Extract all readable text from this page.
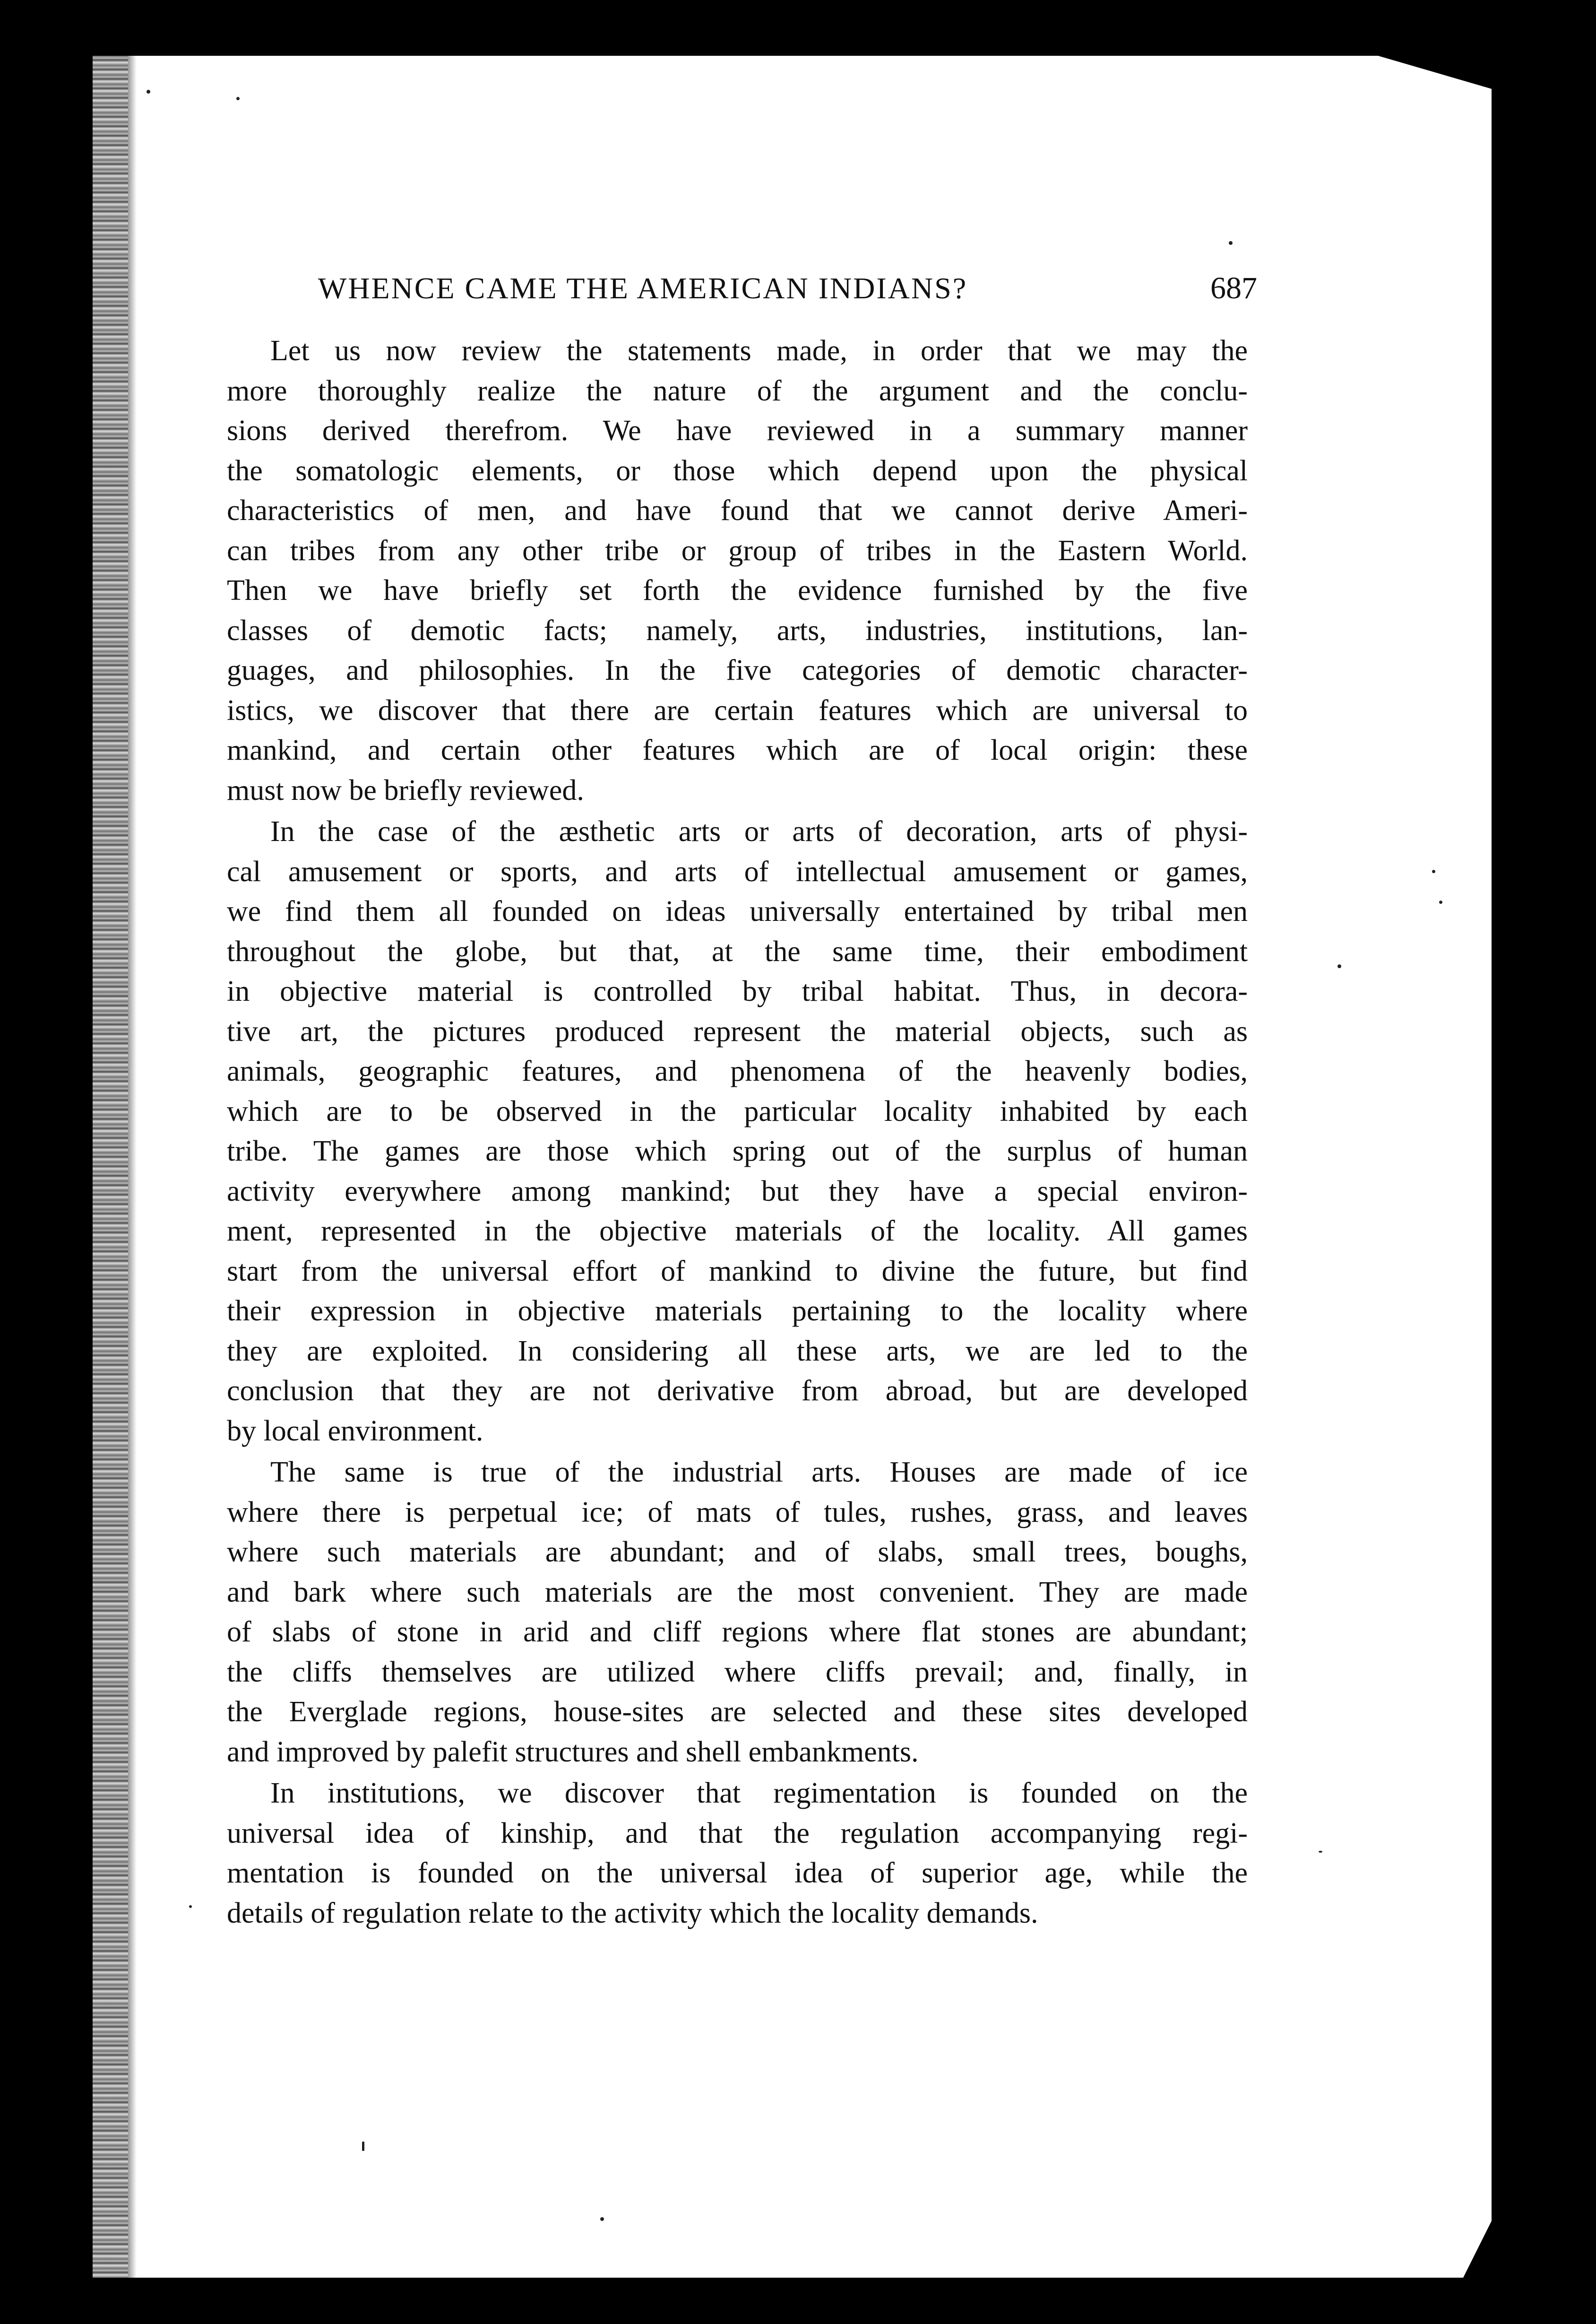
WHENCE CAME THE AMERICAN INDIANS?	687
Let us now review the statements made, in order that we may the
more thoroughly realize the nature of the argument and the conclu-
sions derived therefrom. We have reviewed in a summary manner
the somatologic elements, or those which depend upon the physical
characteristics of men, and have found that we cannot derive Ameri-
can tribes from any other tribe or group of tribes in the Eastern World.
Then we have briefly set forth the evidence furnished by the five
classes of demotic facts; namely, arts, industries, institutions, lan-
guages, and philosophies. In the five categories of demotic character-
istics, we discover that there are certain features which are universal to
mankind, and certain other features which are of local origin: these
must now be briefly reviewed.
In the case of the æsthetic arts or arts of decoration, arts of physi-
cal amusement or sports, and arts of intellectual amusement or games,
we find them all founded on ideas universally entertained by tribal men
throughout the globe, but that, at the same time, their embodiment
in objective material is controlled by tribal habitat. Thus, in decora-
tive art, the pictures produced represent the material objects, such as
animals, geographic features, and phenomena of the heavenly bodies,
which are to be observed in the particular locality inhabited by each
tribe. The games are those which spring out of the surplus of human
activity everywhere among mankind; but they have a special environ-
ment, represented in the objective materials of the locality. All games
start from the universal effort of mankind to divine the future, but find
their expression in objective materials pertaining to the locality where
they are exploited. In considering all these arts, we are led to the
conclusion that they are not derivative from abroad, but are developed
by local environment.
The same is true of the industrial arts. Houses are made of ice
where there is perpetual ice; of mats of tules, rushes, grass, and leaves
where such materials are abundant; and of slabs, small trees, boughs,
and bark where such materials are the most convenient. They are made
of slabs of stone in arid and cliff regions where flat stones are abundant;
the cliffs themselves are utilized where cliffs prevail; and, finally, in
the Everglade regions, house-sites are selected and these sites developed
and improved by palefit structures and shell embankments.
In institutions, we discover that regimentation is founded on the
universal idea of kinship, and that the regulation accompanying regi-
mentation is founded on the universal idea of superior age, while the
details of regulation relate to the activity which the locality demands.
